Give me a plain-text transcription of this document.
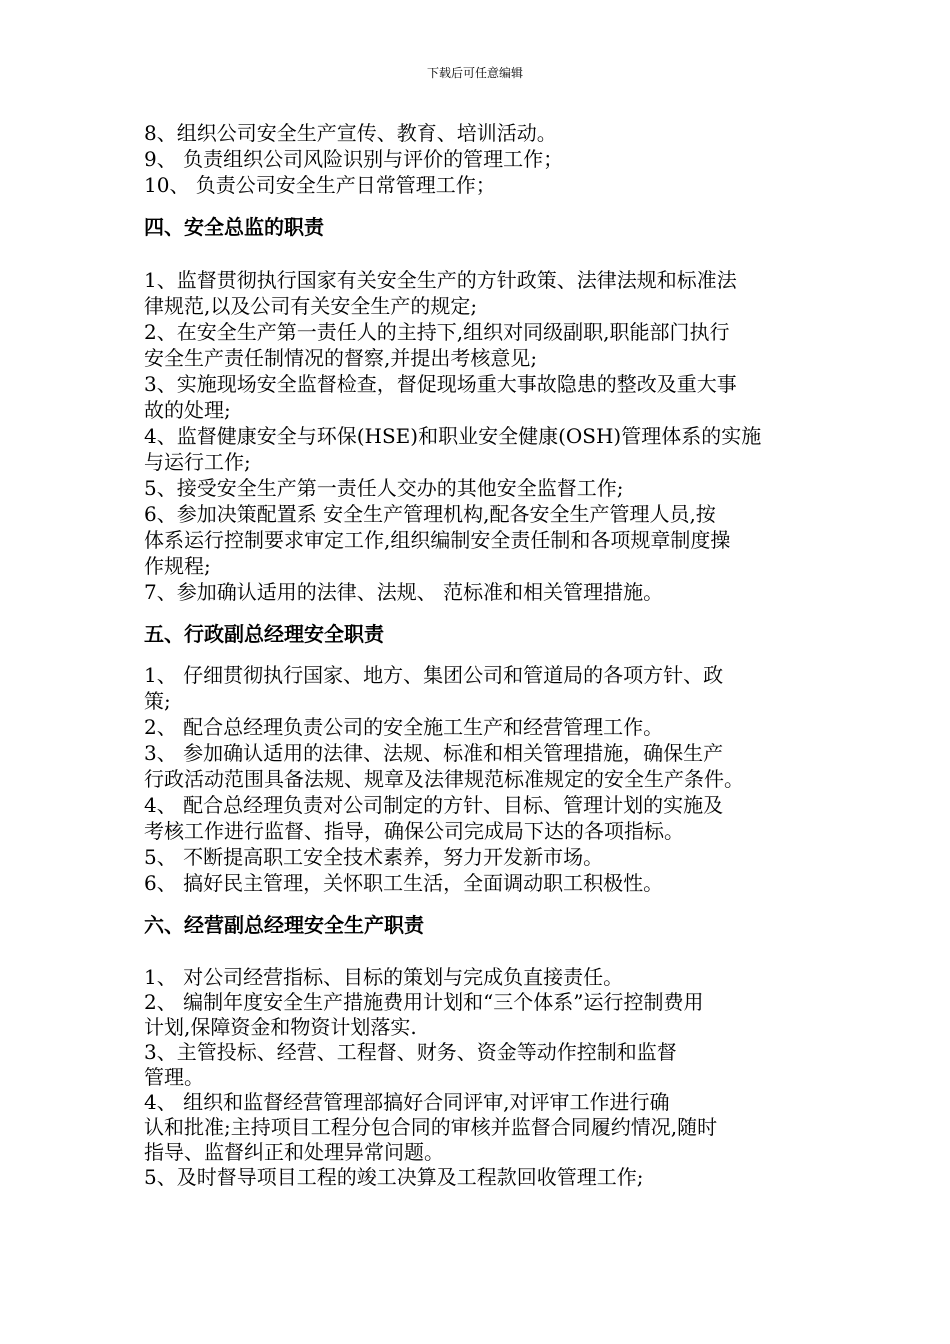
下载后可任意编辑

8、组织公司安全生产宣传、教育、培训活动。

9、 负责组织公司风险识别与评价的管理工作；

10、 负责公司安全生产日常管理工作；

四、安全总监的职责

1、监督贯彻执行国家有关安全生产的方针政策、法律法规和标准法

律规范,以及公司有关安全生产的规定;

2、在安全生产第一责任人的主持下,组织对同级副职,职能部门执行

安全生产责任制情况的督察,并提出考核意见;

3、实施现场安全监督检查，督促现场重大事故隐患的整改及重大事

故的处理;

4、监督健康安全与环保(HSE)和职业安全健康(OSH)管理体系的实施

与运行工作;

5、接受安全生产第一责任人交办的其他安全监督工作;

6、参加决策配置系 安全生产管理机构,配各安全生产管理人员,按

体系运行控制要求审定工作,组织编制安全责任制和各项规章制度操

作规程;

7、参加确认适用的法律、法规、 范标准和相关管理措施。

五、行政副总经理安全职责

1、 仔细贯彻执行国家、地方、集团公司和管道局的各项方针、政

策;

2、 配合总经理负责公司的安全施工生产和经营管理工作。

3、 参加确认适用的法律、法规、标准和相关管理措施，确保生产

行政活动范围具备法规、规章及法律规范标准规定的安全生产条件。

4、 配合总经理负责对公司制定的方针、目标、管理计划的实施及

考核工作进行监督、指导，确保公司完成局下达的各项指标。

5、 不断提高职工安全技术素养，努力开发新市场。

6、 搞好民主管理，关怀职工生活，全面调动职工积极性。

六、经营副总经理安全生产职责

1、 对公司经营指标、目标的策划与完成负直接责任。

2、 编制年度安全生产措施费用计划和“三个体系”运行控制费用

计划,保障资金和物资计划落实.

3、主管投标、经营、工程督、财务、资金等动作控制和监督

管理。

4、 组织和监督经营管理部搞好合同评审,对评审工作进行确

认和批准;主持项目工程分包合同的审核并监督合同履约情况,随时

指导、监督纠正和处理异常问题。

5、及时督导项目工程的竣工决算及工程款回收管理工作;
